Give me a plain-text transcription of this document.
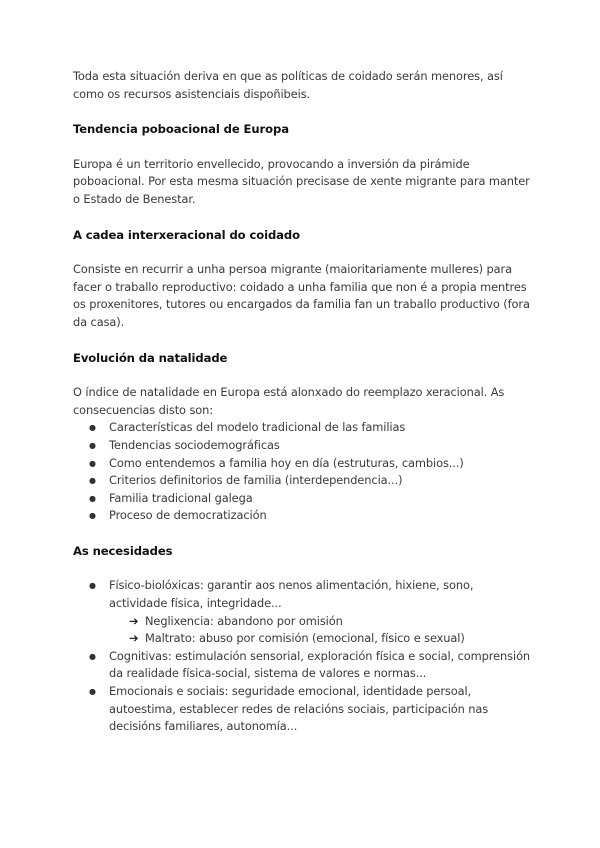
Toda esta situación deriva en que as políticas de coidado serán menores, así como os recursos asistenciais dispoñibeis.

Tendencia poboacional de Europa

Europa é un territorio envellecido, provocando a inversión da pirámide poboacional. Por esta mesma situación precisase de xente migrante para manter o Estado de Benestar.

A cadea interxeracional do coidado

Consiste en recurrir a unha persoa migrante (maioritariamente mulleres) para facer o traballo reproductivo: coidado a unha familia que non é a propia mentres os proxenitores, tutores ou encargados da familia fan un traballo productivo (fora da casa).

Evolución da natalidade

O índice de natalidade en Europa está alonxado do reemplazo xeracional. As consecuencias disto son:

● Características del modelo tradicional de las familias
● Tendencias sociodemográficas
● Como entendemos a familia hoy en día (estruturas, cambios...)
● Criterios definitorios de familia (interdependencia...)
● Familia tradicional galega
● Proceso de democratización
As necesidades
● Físico-biolóxicas: garantir aos nenos alimentación, hixiene, sono, actividade física, integridade...
➔ Neglixencia: abandono por omisión
➔ Maltrato: abuso por comisión (emocional, físico e sexual)
● Cognitivas: estimulación sensorial, exploración física e social, comprensión da realidade física-social, sistema de valores e normas...
● Emocionais e sociais: seguridade emocional, identidade persoal, autoestima, establecer redes de relacións sociais, participación nas decisións familiares, autonomía...
